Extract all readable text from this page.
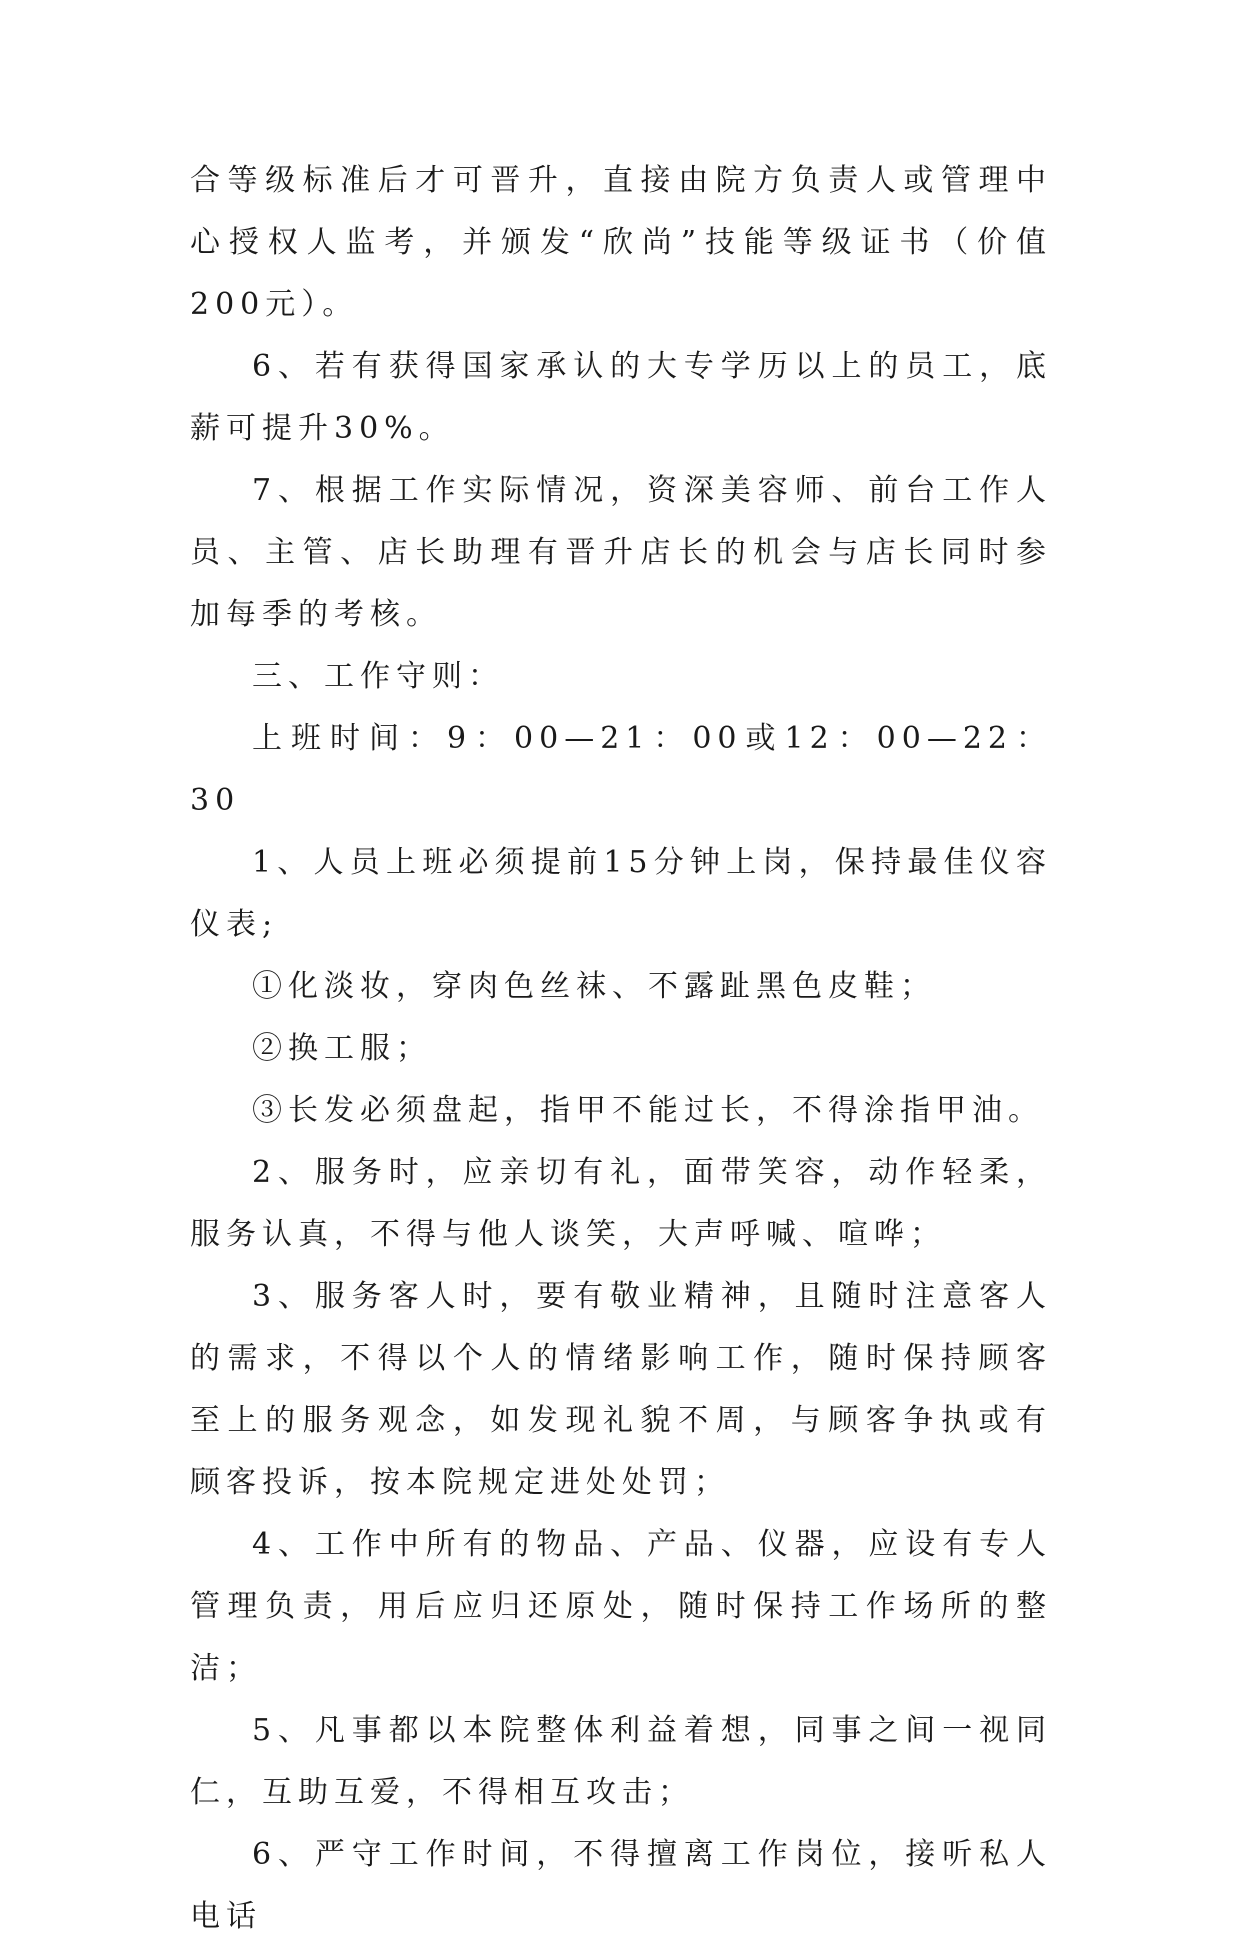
合等级标准后才可晋升，直接由院方负责人或管理中心授权人监考，并颁发“欣尚”技能等级证书（价值200元）。

6、若有获得国家承认的大专学历以上的员工，底薪可提升30%。

7、根据工作实际情况，资深美容师、前台工作人员、主管、店长助理有晋升店长的机会与店长同时参加每季的考核。

三、工作守则：

上班时间：9：00—21：00或12：00—22：30

1、人员上班必须提前15分钟上岗，保持最佳仪容仪表;

①化淡妆，穿肉色丝袜、不露趾黑色皮鞋；

②换工服；

③长发必须盘起，指甲不能过长，不得涂指甲油。

2、服务时，应亲切有礼，面带笑容，动作轻柔，服务认真，不得与他人谈笑，大声呼喊、喧哗；

3、服务客人时，要有敬业精神，且随时注意客人的需求，不得以个人的情绪影响工作，随时保持顾客至上的服务观念，如发现礼貌不周，与顾客争执或有顾客投诉，按本院规定进处处罚；

4、工作中所有的物品、产品、仪器，应设有专人管理负责，用后应归还原处，随时保持工作场所的整洁；

5、凡事都以本院整体利益着想，同事之间一视同仁，互助互爱，不得相互攻击；

6、严守工作时间，不得擅离工作岗位，接听私人电话
